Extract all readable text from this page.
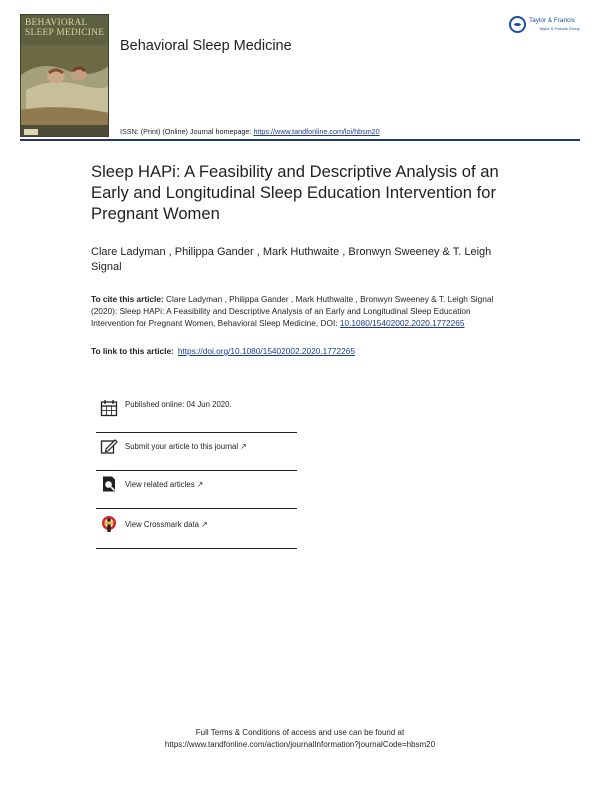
BEHAVIORAL
SLEEP MEDICINE
Behavioral Sleep Medicine
Taylor & Francis
Taylor & Francis Group
ISSN: (Print) (Online) Journal homepage: https://www.tandfonline.com/loi/hbsm20
Sleep HAPi: A Feasibility and Descriptive Analysis of an Early and Longitudinal Sleep Education Intervention for Pregnant Women
Clare Ladyman , Philippa Gander , Mark Huthwaite , Bronwyn Sweeney & T. Leigh Signal
To cite this article: Clare Ladyman , Philippa Gander , Mark Huthwaite , Bronwyn Sweeney & T. Leigh Signal (2020): Sleep HAPi: A Feasibility and Descriptive Analysis of an Early and Longitudinal Sleep Education Intervention for Pregnant Women, Behavioral Sleep Medicine, DOI: 10.1080/15402002.2020.1772265
To link to this article: https://doi.org/10.1080/15402002.2020.1772265
Published online: 04 Jun 2020.
Submit your article to this journal ↗
View related articles ↗
View Crossmark data ↗
Full Terms & Conditions of access and use can be found at
https://www.tandfonline.com/action/journalInformation?journalCode=hbsm20
